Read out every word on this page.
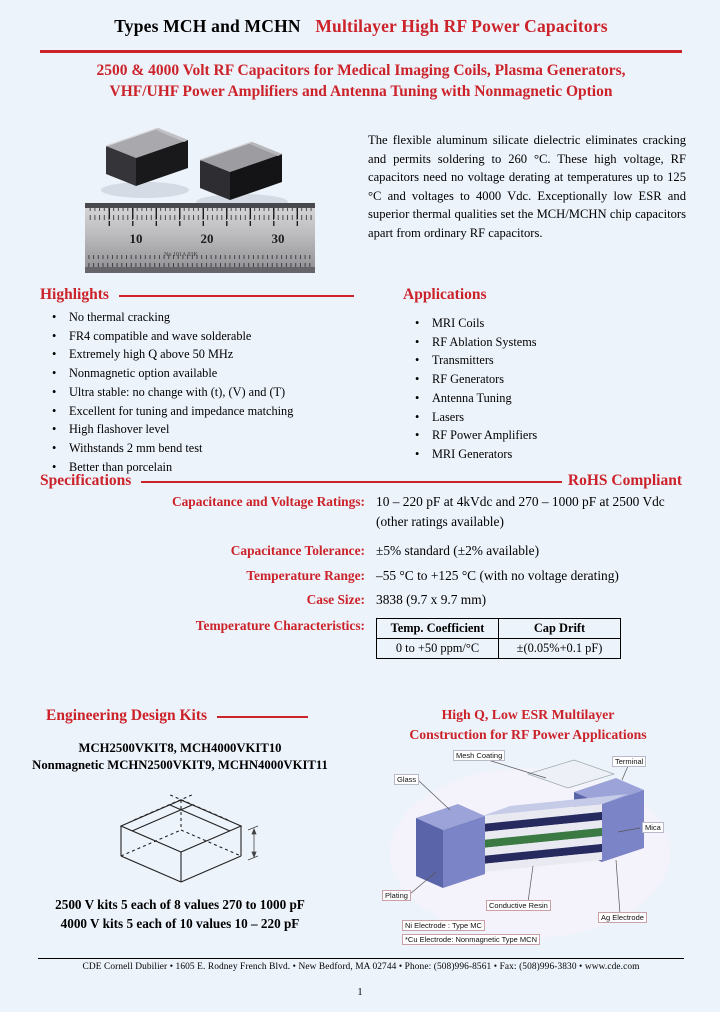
Types MCH and MCHN Multilayer High RF Power Capacitors
2500 & 4000 Volt RF Capacitors for Medical Imaging Coils, Plasma Generators,
VHF/UHF Power Amplifiers and Antenna Tuning with Nonmagnetic Option
10	20	30
The flexible aluminum silicate dielectric eliminates cracking and permits soldering to 260 °C. These high voltage, RF capacitors need no voltage derating at temperatures up to 125 °C and voltages to 4000 Vdc. Exceptionally low ESR and superior thermal qualities set the MCH/MCHN chip capacitors apart from ordinary RF capacitors.
Highlights
•	No thermal cracking
•	FR4 compatible and wave solderable
•	Extremely high Q above 50 MHz
•	Nonmagnetic option available
•	Ultra stable: no change with (t), (V) and (T)
•	Excellent for tuning and impedance matching
•	High flashover level
•	Withstands 2 mm bend test
•	Better than porcelain
Applications
•	MRI Coils
•	RF Ablation Systems
•	Transmitters
•	RF Generators
•	Antenna Tuning
•	Lasers
•	RF Power Amplifiers
•	MRI Generators
Specifications	RoHS Compliant
Capacitance and Voltage Ratings: 10 – 220 pF at 4kVdc and 270 – 1000 pF at 2500 Vdc (other ratings available)
Capacitance Tolerance: ±5% standard (±2% available)
Temperature Range: –55 °C to +125 °C (with no voltage derating)
Case Size: 3838 (9.7 x 9.7 mm)
Temperature Characteristics: Temp. Coefficient	Cap Drift
0 to +50 ppm/°C	±(0.05%+0.1 pF)
Engineering Design Kits
MCH2500VKIT8, MCH4000VKIT10
Nonmagnetic MCHN2500VKIT9, MCHN4000VKIT11
2500 V kits 5 each of 8 values 270 to 1000 pF
4000 V kits 5 each of 10 values 10 – 220 pF
High Q, Low ESR Multilayer
Construction for RF Power Applications
Mesh Coating
Glass
Terminal
Mica
Plating
Ni Electrode : Type MC
Conductive Resin
*Cu Electrode: Nonmagnetic Type MCN
Ag Electrode
CDE Cornell Dubilier • 1605 E. Rodney French Blvd. • New Bedford, MA 02744 • Phone: (508)996-8561 • Fax: (508)996-3830 • www.cde.com
1
